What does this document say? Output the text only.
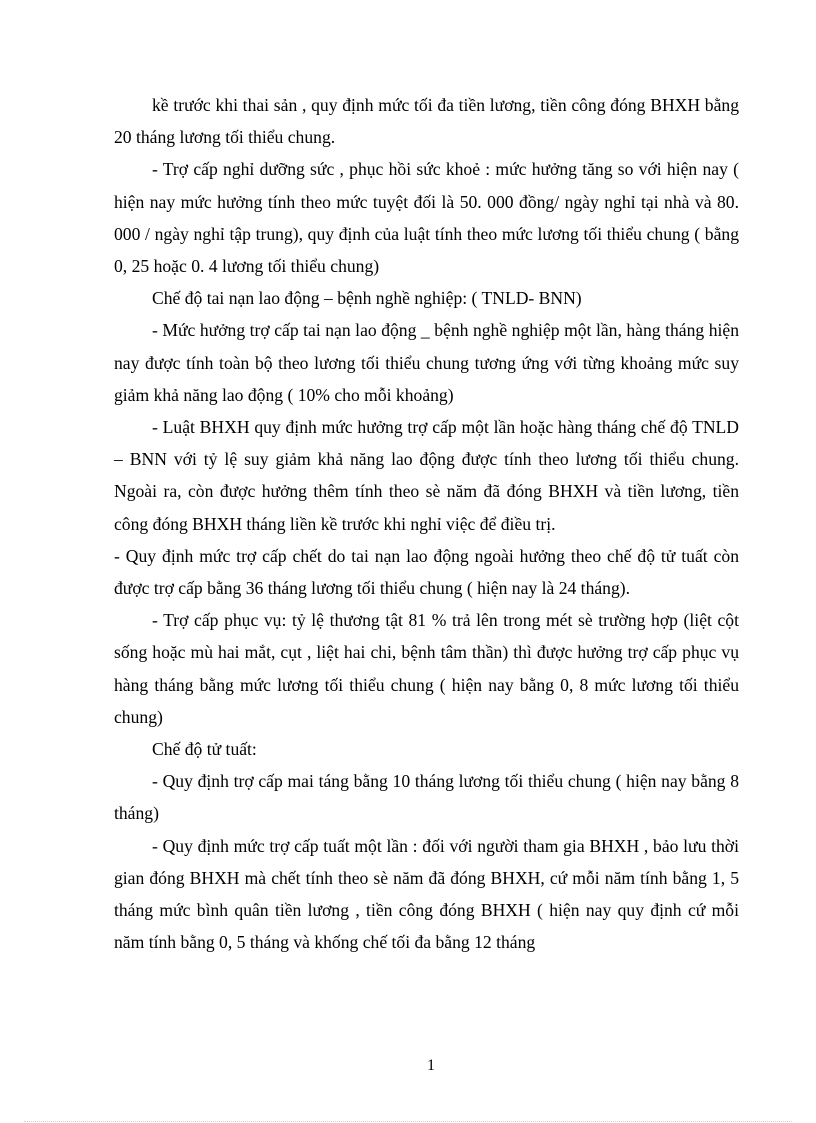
kề trước khi thai sản , quy định mức tối đa tiền lương, tiền công đóng BHXH bằng 20 tháng lương tối thiểu chung.

- Trợ cấp nghỉ dưỡng sức , phục hồi sức khoẻ : mức hưởng tăng so với hiện nay ( hiện nay mức hưởng tính theo mức tuyệt đối là 50. 000 đồng/ ngày nghỉ tại nhà và 80. 000 / ngày nghỉ tập trung), quy định của luật tính theo mức lương tối thiểu chung ( bằng 0, 25 hoặc 0. 4 lương tối thiểu chung)

Chế độ tai nạn lao động – bệnh nghề nghiệp: ( TNLD- BNN)

- Mức hưởng trợ cấp tai nạn lao động _ bệnh nghề nghiệp một lần, hàng tháng hiện nay được tính toàn bộ theo lương tối thiểu chung tương ứng với từng khoảng mức suy giảm khả năng lao động ( 10% cho mỗi khoảng)

- Luật BHXH quy định mức hưởng trợ cấp một lần hoặc hàng tháng chế độ TNLD – BNN với tỷ lệ suy giảm khả năng lao động được tính theo lương tối thiểu chung. Ngoài ra, còn được hưởng thêm tính theo sè năm đã đóng BHXH và tiền lương, tiền công đóng BHXH tháng liền kề trước khi nghỉ việc để điều trị.

- Quy định mức trợ cấp chết do tai nạn lao động ngoài hưởng theo chế độ tử tuất còn được trợ cấp bằng 36 tháng lương tối thiểu chung ( hiện nay là 24 tháng).

- Trợ cấp phục vụ: tỷ lệ thương tật 81 % trả lên trong mét sè trường hợp (liệt cột sống hoặc mù hai mắt, cụt , liệt hai chi, bệnh tâm thần) thì được hưởng trợ cấp phục vụ hàng tháng bằng mức lương tối thiểu chung ( hiện nay bằng 0, 8 mức lương tối thiểu chung)

Chế độ tử tuất:

- Quy định trợ cấp mai táng bằng 10 tháng lương tối thiểu chung ( hiện nay bằng 8 tháng)

- Quy định mức trợ cấp tuất một lần : đối với người tham gia BHXH , bảo lưu thời gian đóng BHXH mà chết tính theo sè năm đã đóng BHXH, cứ mỗi năm tính bằng 1, 5 tháng mức bình quân tiền lương , tiền công đóng BHXH ( hiện nay quy định cứ mỗi năm tính bằng 0, 5 tháng và khống chế tối đa bằng 12 tháng

1
